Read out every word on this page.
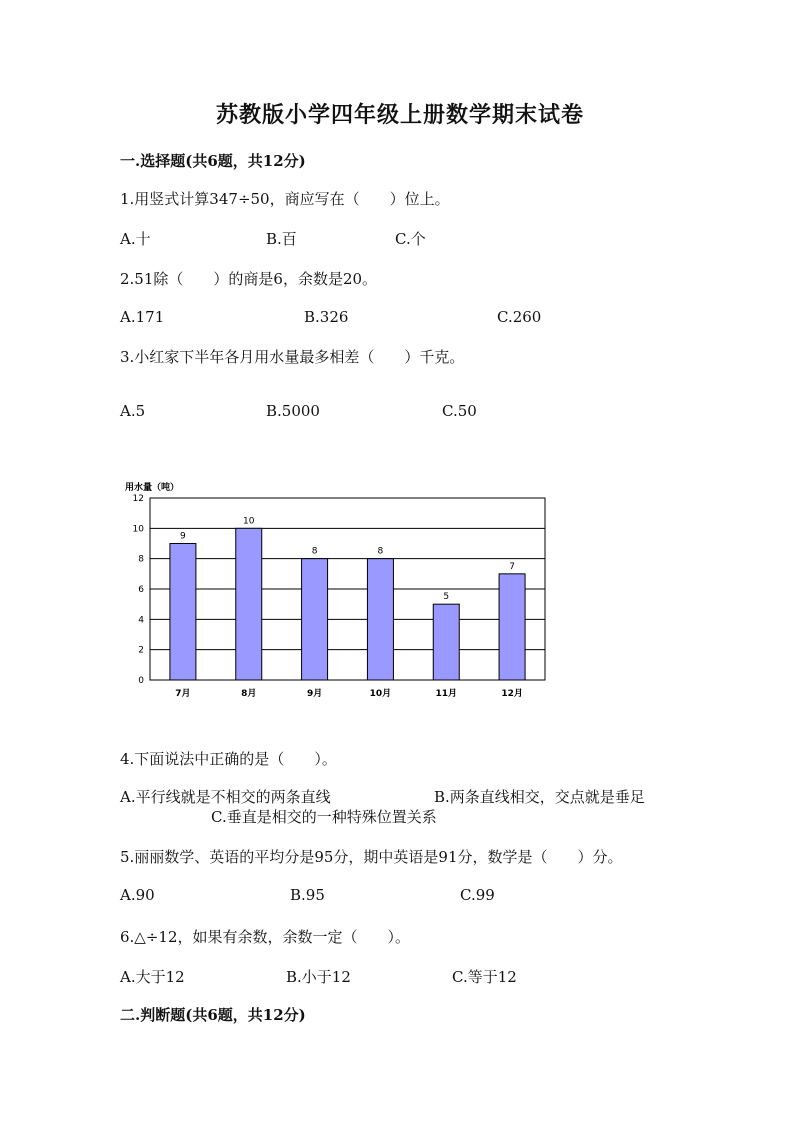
苏教版小学四年级上册数学期末试卷
一.选择题(共6题，共12分)
1.用竖式计算347÷50，商应写在（　　）位上。
A.十	B.百	C.个
2.51除（　　）的商是6，余数是20。
A.171	B.326	C.260
3.小红家下半年各月用水量最多相差（　　）千克。
A.5	B.5000	C.50
用水量（吨）
0
2
4
6
8
10
12
9
7月
10
8月
8
9月
8
10月
5
11月
7
12月
4.下面说法中正确的是（　　）。
A.平行线就是不相交的两条直线	B.两条直线相交，交点就是垂足
C.垂直是相交的一种特殊位置关系
5.丽丽数学、英语的平均分是95分，期中英语是91分，数学是（　　）分。
A.90	B.95	C.99
6.△÷12，如果有余数，余数一定（　　）。
A.大于12	B.小于12	C.等于12
二.判断题(共6题，共12分)
